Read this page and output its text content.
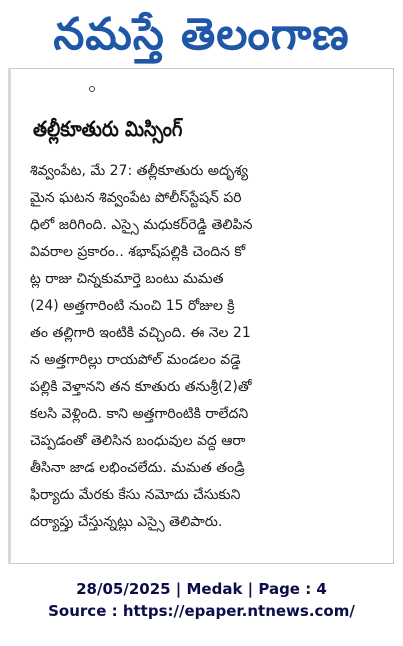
నమస్తే తెలంగాణ
తల్లీకూతురు మిస్సింగ్
శివ్వంపేట, మే 27: తల్లీకూతురు అదృశ్య
మైన ఘటన శివ్వంపేట పోలీస్‌స్టేషన్ పరి
ధిలో జరిగింది. ఎస్సై మధుకర్‌రెడ్డి తెలిపిన
వివరాల ప్రకారం.. శభాష్‌పల్లికి చెందిన కో
ట్ల రాజు చిన్నకుమార్తె బంటు మమత
(24) అత్తగారింటి నుంచి 15 రోజుల క్రి
తం తల్లిగారి ఇంటికి వచ్చింది. ఈ నెల 21
న అత్తగారిల్లు రాయపోల్ మండలం వడ్డె
పల్లికి వెళ్తానని తన కూతురు తనుశ్రీ(2)తో
కలసి వెళ్లింది. కాని అత్తగారింటికి రాలేదని
చెప్పడంతో తెలిసిన బంధువుల వద్ద ఆరా
తీసినా జాడ లభించలేదు. మమత తండ్రి
ఫిర్యాదు మేరకు కేసు నమోదు చేసుకుని
దర్యాప్తు చేస్తున్నట్లు ఎస్సై తెలిపారు.
28/05/2025 | Medak | Page : 4
Source : https://epaper.ntnews.com/
